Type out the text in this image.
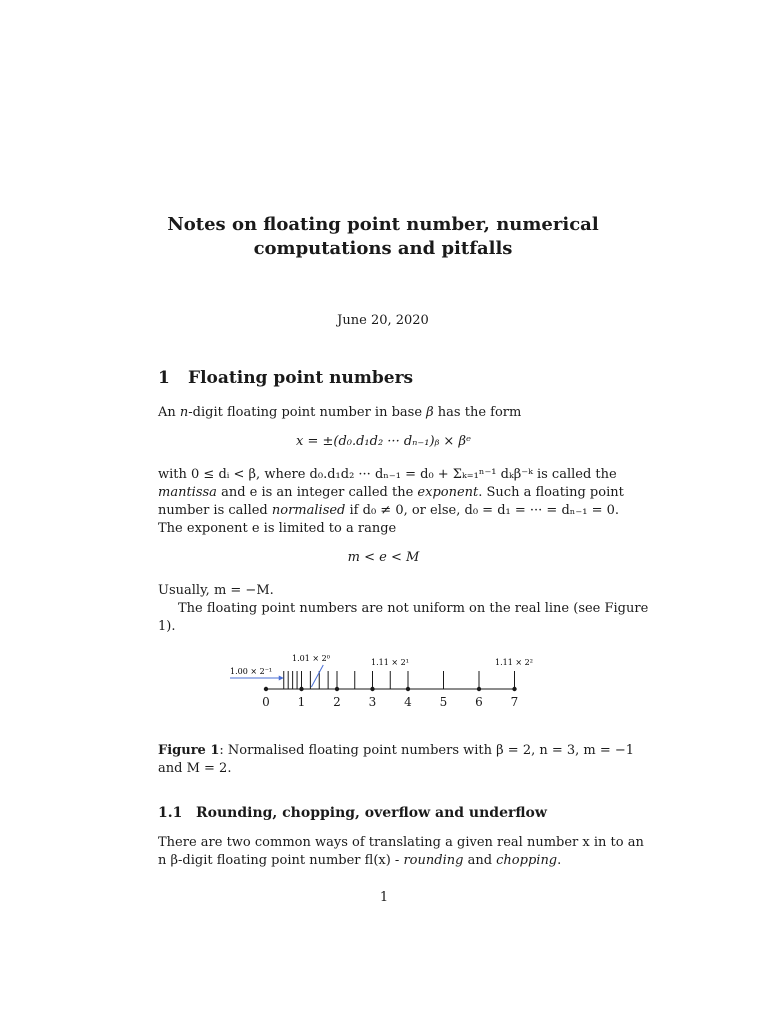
Notes on floating point number, numerical
computations and pitfalls
June 20, 2020
1 Floating point numbers
An n-digit floating point number in base β has the form
x = ±(d₀.d₁d₂ ··· dₙ₋₁)ᵦ × βᵉ
with 0 ≤ dᵢ < β, where d₀.d₁d₂ ··· dₙ₋₁ = d₀ + Σₖ₌₁ⁿ⁻¹ dₖβ⁻ᵏ is called the
mantissa and e is an integer called the exponent. Such a floating point
number is called normalised if d₀ ≠ 0, or else, d₀ = d₁ = ··· = dₙ₋₁ = 0.
The exponent e is limited to a range
m < e < M
Usually, m = −M.
The floating point numbers are not uniform on the real line (see Figure
1).
0 1 2 3 4 5 6 7
1.00 × 2⁻¹
1.01 × 2⁰	1.11 × 2¹	1.11 × 2²
Figure 1: Normalised floating point numbers with β = 2, n = 3, m = −1
and M = 2.
1.1 Rounding, chopping, overflow and underflow
There are two common ways of translating a given real number x in to an
n β-digit floating point number fl(x) - rounding and chopping.
1
